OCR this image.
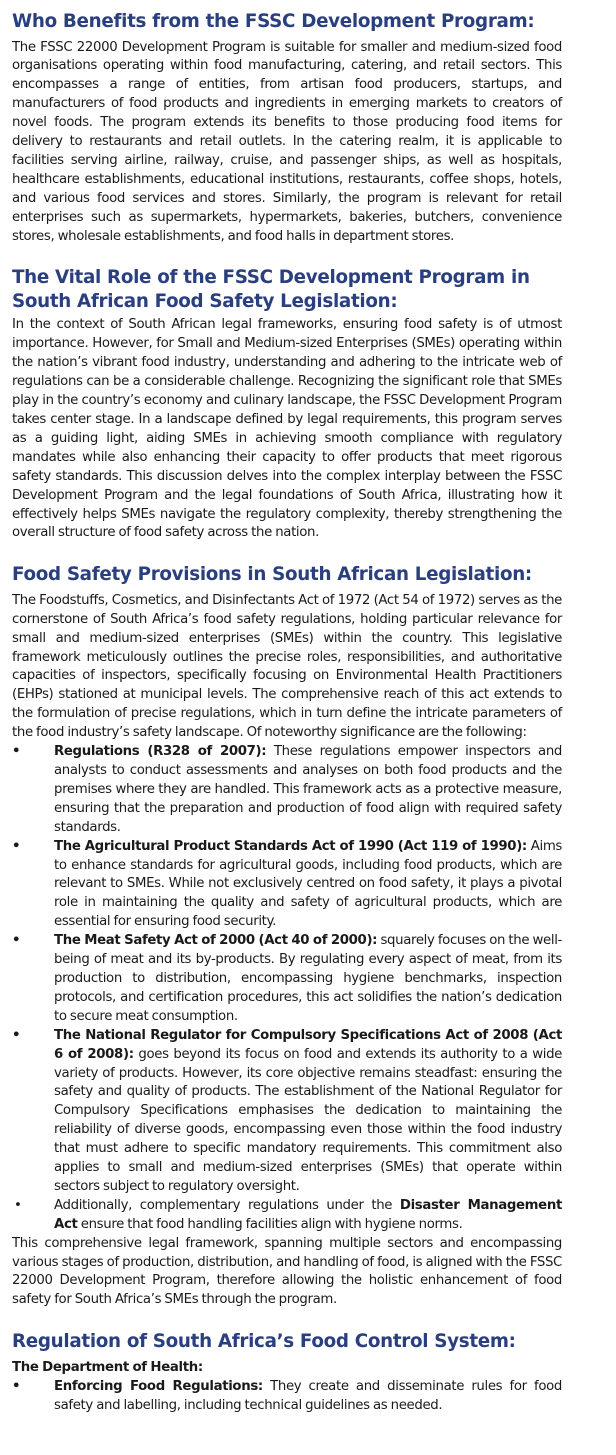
Who Benefits from the FSSC Development Program:

The FSSC 22000 Development Program is suitable for smaller and medium-sized food organisations operating within food manufacturing, catering, and retail sectors. This encompasses a range of entities, from artisan food producers, startups, and manufacturers of food products and ingredients in emerging markets to creators of novel foods. The program extends its benefits to those producing food items for delivery to restaurants and retail outlets. In the catering realm, it is applicable to facilities serving airline, railway, cruise, and passenger ships, as well as hospitals, healthcare establishments, educational institutions, restaurants, coffee shops, hotels, and various food services and stores. Similarly, the program is relevant for retail enterprises such as supermarkets, hypermarkets, bakeries, butchers, convenience stores, wholesale establishments, and food halls in department stores.

The Vital Role of the FSSC Development Program in South African Food Safety Legislation:

In the context of South African legal frameworks, ensuring food safety is of utmost importance. However, for Small and Medium-sized Enterprises (SMEs) operating within the nation’s vibrant food industry, understanding and adhering to the intricate web of regulations can be a considerable challenge. Recognizing the significant role that SMEs play in the country’s economy and culinary landscape, the FSSC Development Program takes center stage. In a landscape defined by legal requirements, this program serves as a guiding light, aiding SMEs in achieving smooth compliance with regulatory mandates while also enhancing their capacity to offer products that meet rigorous safety standards. This discussion delves into the complex interplay between the FSSC Development Program and the legal foundations of South Africa, illustrating how it effectively helps SMEs navigate the regulatory complexity, thereby strengthening the overall structure of food safety across the nation.

Food Safety Provisions in South African Legislation:

The Foodstuffs, Cosmetics, and Disinfectants Act of 1972 (Act 54 of 1972) serves as the cornerstone of South Africa’s food safety regulations, holding particular relevance for small and medium-sized enterprises (SMEs) within the country. This legislative framework meticulously outlines the precise roles, responsibilities, and authoritative capacities of inspectors, specifically focusing on Environmental Health Practitioners (EHPs) stationed at municipal levels. The comprehensive reach of this act extends to the formulation of precise regulations, which in turn define the intricate parameters of the food industry’s safety landscape. Of noteworthy significance are the following:

•	Regulations (R328 of 2007): These regulations empower inspectors and analysts to conduct assessments and analyses on both food products and the premises where they are handled. This framework acts as a protective measure, ensuring that the preparation and production of food align with required safety standards.
•	The Agricultural Product Standards Act of 1990 (Act 119 of 1990): Aims to enhance standards for agricultural goods, including food products, which are relevant to SMEs. While not exclusively centred on food safety, it plays a pivotal role in maintaining the quality and safety of agricultural products, which are essential for ensuring food security.
•	The Meat Safety Act of 2000 (Act 40 of 2000): squarely focuses on the well-being of meat and its by-products. By regulating every aspect of meat, from its production to distribution, encompassing hygiene benchmarks, inspection protocols, and certification procedures, this act solidifies the nation’s dedication to secure meat consumption.
•	The National Regulator for Compulsory Specifications Act of 2008 (Act 6 of 2008): goes beyond its focus on food and extends its authority to a wide variety of products. However, its core objective remains steadfast: ensuring the safety and quality of products. The establishment of the National Regulator for Compulsory Specifications emphasises the dedication to maintaining the reliability of diverse goods, encompassing even those within the food industry that must adhere to specific mandatory requirements. This commitment also applies to small and medium-sized enterprises (SMEs) that operate within sectors subject to regulatory oversight.
•	Additionally, complementary regulations under the Disaster Management Act ensure that food handling facilities align with hygiene norms.

This comprehensive legal framework, spanning multiple sectors and encompassing various stages of production, distribution, and handling of food, is aligned with the FSSC 22000 Development Program, therefore allowing the holistic enhancement of food safety for South Africa’s SMEs through the program.

Regulation of South Africa’s Food Control System:

The Department of Health:

•	Enforcing Food Regulations: They create and disseminate rules for food safety and labelling, including technical guidelines as needed.
